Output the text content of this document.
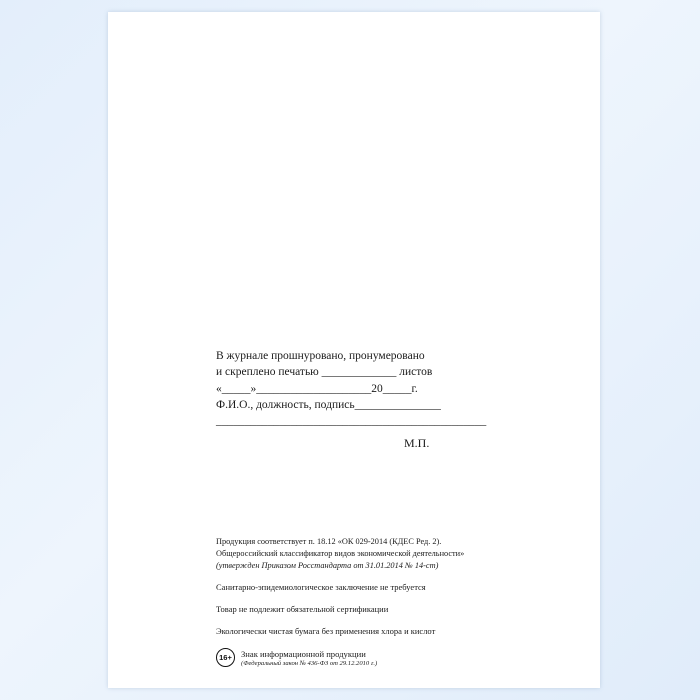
В журнале прошнуровано, пронумеровано
и скреплено печатью _____________ листов
«_____»____________________20_____г.
Ф.И.О., должность, подпись_______________
_______________________________________________
М.П.
Продукция соответствует п. 18.12 «ОК 029-2014 (КДЕС Ред. 2).
Общероссийский классификатор видов экономической деятельности»
(утвержден Приказом Росстандарта от 31.01.2014 № 14-ст)
Санитарно-эпидемиологическое заключение не требуется
Товар не подлежит обязательной сертификации
Экологически чистая бумага без применения хлора и кислот
16+	Знак информационной продукции
(Федеральный закон № 436-ФЗ от 29.12.2010 г.)
